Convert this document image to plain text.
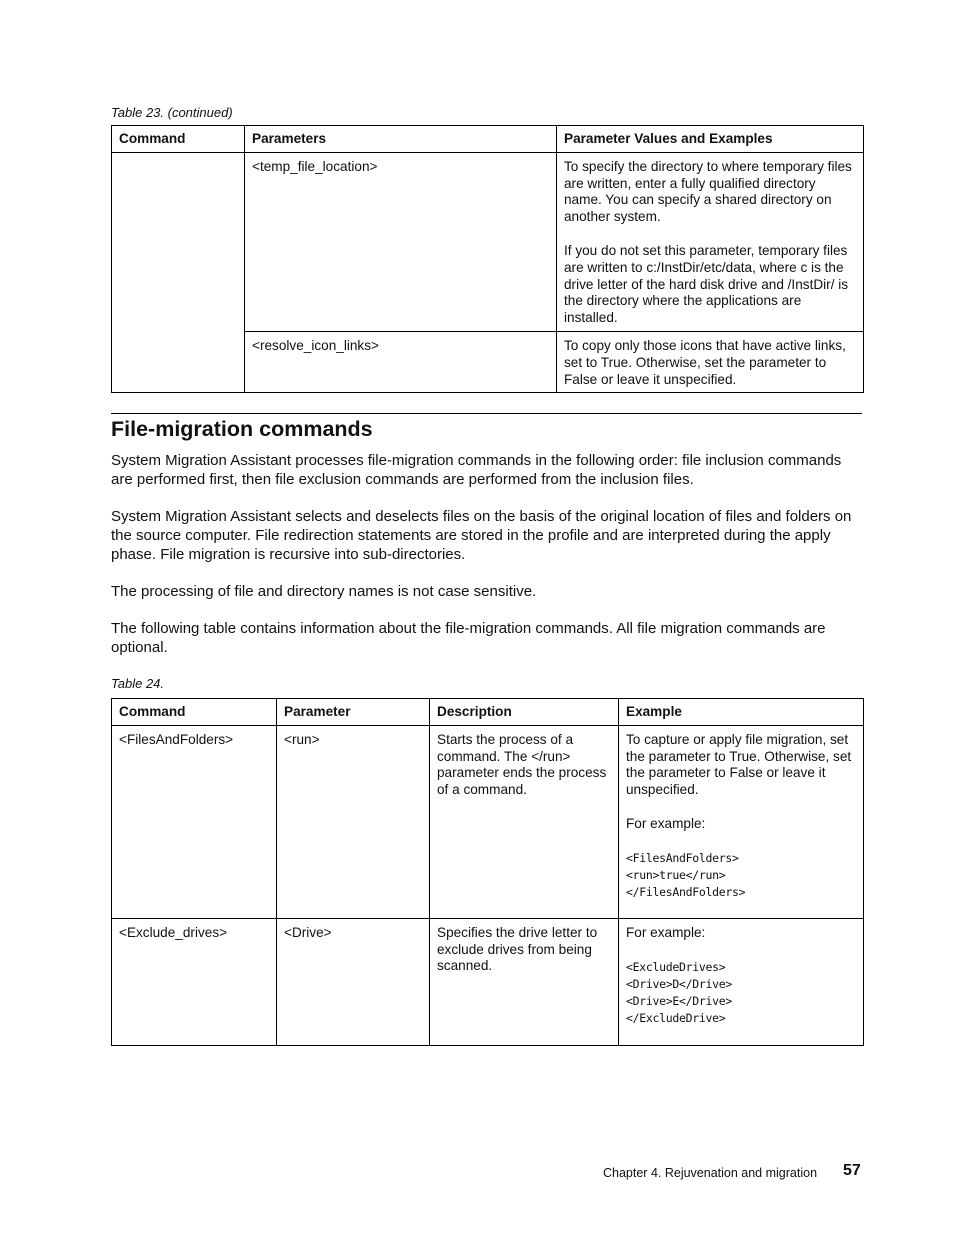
Table 23. (continued)
Command	Parameters	Parameter Values and Examples
	<temp_file_location>	To specify the directory to where temporary files are written, enter a fully qualified directory name. You can specify a shared directory on another system.
If you do not set this parameter, temporary files are written to c:/InstDir/etc/data, where c is the drive letter of the hard disk drive and /InstDir/ is the directory where the applications are installed.

	<resolve_icon_links>	To copy only those icons that have active links, set to True. Otherwise, set the parameter to False or leave it unspecified.
File-migration commands

System Migration Assistant processes file-migration commands in the following order: file inclusion commands are performed first, then file exclusion commands are performed from the inclusion files.

System Migration Assistant selects and deselects files on the basis of the original location of files and folders on the source computer. File redirection statements are stored in the profile and are interpreted during the apply phase. File migration is recursive into sub-directories.

The processing of file and directory names is not case sensitive.

The following table contains information about the file-migration commands. All file migration commands are optional.

Table 24.
Command	Parameter	Description	Example
<FilesAndFolders>	<run>	Starts the process of a command. The </run> parameter ends the process of a command.	To capture or apply file migration, set the parameter to True. Otherwise, set the parameter to False or leave it unspecified.
For example:
<FilesAndFolders>
<run>true</run>
</FilesAndFolders>

<Exclude_drives>	<Drive>	Specifies the drive letter to exclude drives from being scanned.	For example:
<ExcludeDrives>
<Drive>D</Drive>
<Drive>E</Drive>
</ExcludeDrive>
Chapter 4. Rejuvenation and migration 57
